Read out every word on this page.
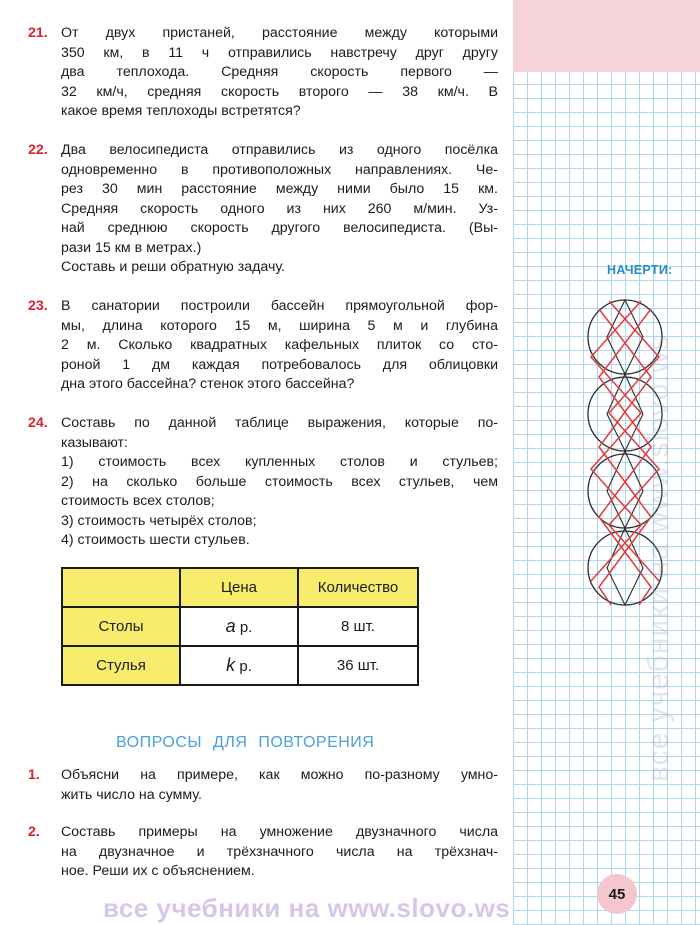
21. От двух пристаней, расстояние между которыми
350 км, в 11 ч отправились навстречу друг другу
два теплохода. Средняя скорость первого —
32 км/ч, средняя скорость второго — 38 км/ч. В
какое время теплоходы встретятся?
22. Два велосипедиста отправились из одного посёлка
одновременно в противоположных направлениях. Че-
рез 30 мин расстояние между ними было 15 км.
Средняя скорость одного из них 260 м/мин. Уз-
най среднюю скорость другого велосипедиста. (Вы-
рази 15 км в метрах.)
Составь и реши обратную задачу.
23. В санатории построили бассейн прямоугольной фор-
мы, длина которого 15 м, ширина 5 м и глубина
2 м. Сколько квадратных кафельных плиток со сто-
роной 1 дм каждая потребовалось для облицовки
дна этого бассейна? стенок этого бассейна?
24. Составь по данной таблице выражения, которые по-
казывают:
1) стоимость всех купленных столов и стульев;
2) на сколько больше стоимость всех стульев, чем
стоимость всех столов;
3) стоимость четырёх столов;
4) стоимость шести стульев.
	Цена	Количество
Столы	a р.	8 шт.
Стулья	k р.	36 шт.
ВОПРОСЫ ДЛЯ ПОВТОРЕНИЯ
1.	Объясни на примере, как можно по-разному умно-
жить число на сумму.
2.	Составь примеры на умножение двузначного числа
на двузначное и трёхзначного числа на трёхзнач-
ное. Реши их с объяснением.
НАЧЕРТИ:
все учебники на www.slovo.ws
45
все учебники на www.slovo.ws
